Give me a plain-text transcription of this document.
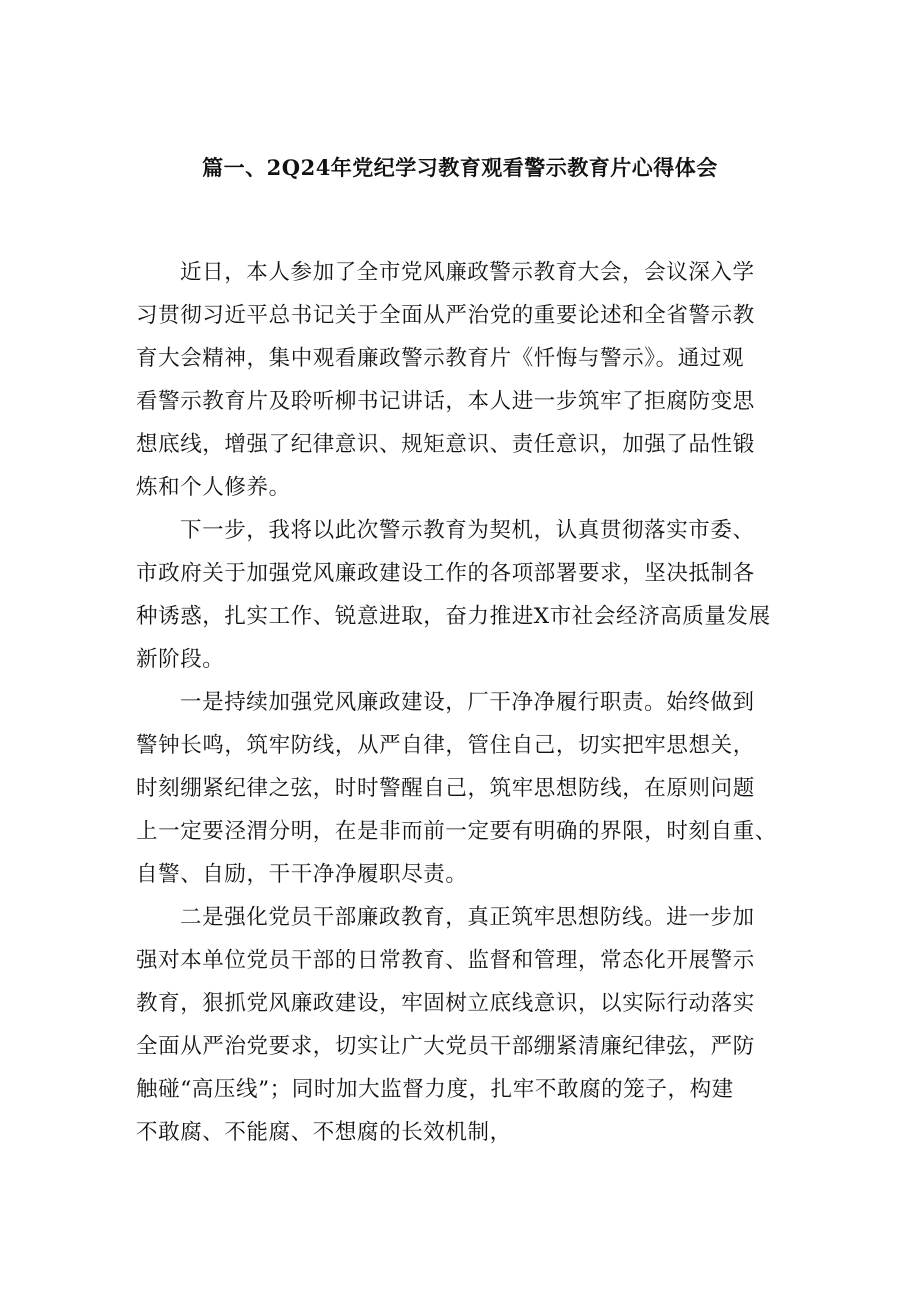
篇一、2Q24年党纪学习教育观看警示教育片心得体会
近日，本人参加了全市党风廉政警示教育大会，会议深入学
习贯彻习近平总书记关于全面从严治党的重要论述和全省警示教
育大会精神，集中观看廉政警示教育片《忏悔与警示》。通过观
看警示教育片及聆听柳书记讲话，本人进一步筑牢了拒腐防变思
想底线，增强了纪律意识、规矩意识、责任意识，加强了品性锻
炼和个人修养。
下一步，我将以此次警示教育为契机，认真贯彻落实市委、
市政府关于加强党风廉政建设工作的各项部署要求，坚决抵制各
种诱惑，扎实工作、锐意进取，奋力推进X市社会经济高质量发展
新阶段。
一是持续加强党风廉政建设，厂干净净履行职责。始终做到
警钟长鸣，筑牢防线，从严自律，管住自己，切实把牢思想关，
时刻绷紧纪律之弦，时时警醒自己，筑牢思想防线，在原则问题
上一定要泾渭分明，在是非而前一定要有明确的界限，时刻自重、
自警、自励，干干净净履职尽责。
二是强化党员干部廉政教育，真正筑牢思想防线。进一步加
强对本单位党员干部的日常教育、监督和管理，常态化开展警示
教育，狠抓党风廉政建设，牢固树立底线意识，以实际行动落实
全面从严治党要求，切实让广大党员干部绷紧清廉纪律弦，严防
触碰“高压线”；同时加大监督力度，扎牢不敢腐的笼子，构建
不敢腐、不能腐、不想腐的长效机制，
